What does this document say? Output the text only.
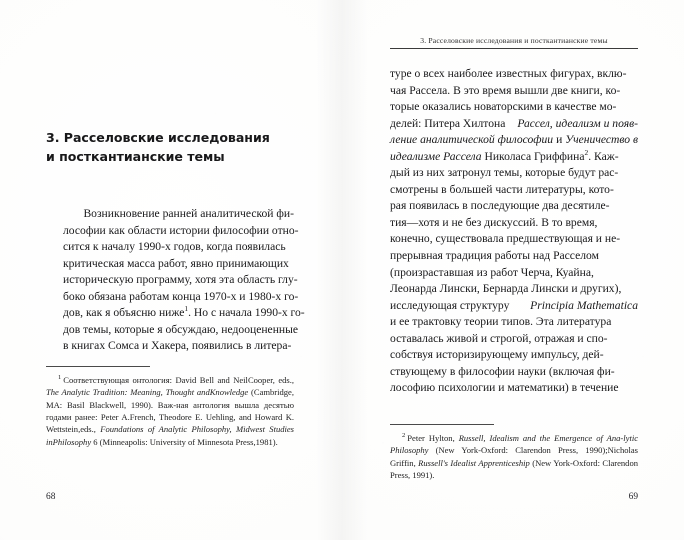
3. Расселовские исследования
и посткантианские темы

Возникновение ранней аналитической фи-
лософии как области истории философии отно-
сится к началу 1990-х годов, когда появилась
критическая масса работ, явно принимающих
историческую программу, хотя эта область глу-
боко обязана работам конца 1970-х и 1980-х го-
дов, как я объясню ниже$^1$. Но с начала 1990-х го-
дов темы, которые я обсуждаю, недооцененные
в книгах Сомса и Хакера, появились в литера-

$^1$ Соответствующая онтология: David Bell and NeilCooper, eds., The Analytic Tradition: Meaning, Thought andKnowledge (Cambridge, MA: Basil Blackwell, 1990). Важ-ная антология вышла десятью годами ранее: Peter A.French, Theodore E. Uehling, and Howard K. Wettstein,eds., Foundations of Analytic Philosophy, Midwest Studies inPhilosophy 6 (Minneapolis: University of Minnesota Press,1981).
68
3. Расселовские исследования и посткантианские темы

туре о всех наиболее известных фигурах, вклю-
чая Рассела. В это время вышли две книги, ко-
торые оказались новаторскими в качестве мо-
делей: Питера Хилтона Рассел, идеализм и появ-
ление аналитической философии и Ученичество в
идеализме Рассела Николаса Гриффина$^2$. Каж-
дый из них затронул темы, которые будут рас-
смотрены в большей части литературы, кото-
рая появилась в последующие два десятиле-
тия—хотя и не без дискуссий. В то время,
конечно, существовала предшествующая и не-
прерывная традиция работы над Расселом
(произраставшая из работ Черча, Куайна,
Леонарда Лински, Бернарда Лински и других),
исследующая структуру Principia Mathematica
и ее трактовку теории типов. Эта литература
оставалась живой и строгой, отражая и спо-
собствуя историзирующему импульсу, дей-
ствующему в философии науки (включая фи-
лософию психологии и математики) в течение

$^2$ Peter Hylton, Russell, Idealism and the Emergence of Ana-lytic Philosophy (New York-Oxford: Clarendon Press, 1990);Nicholas Griffin, Russell's Idealist Apprenticeship (New York-Oxford: Clarendon Press, 1991).
69
